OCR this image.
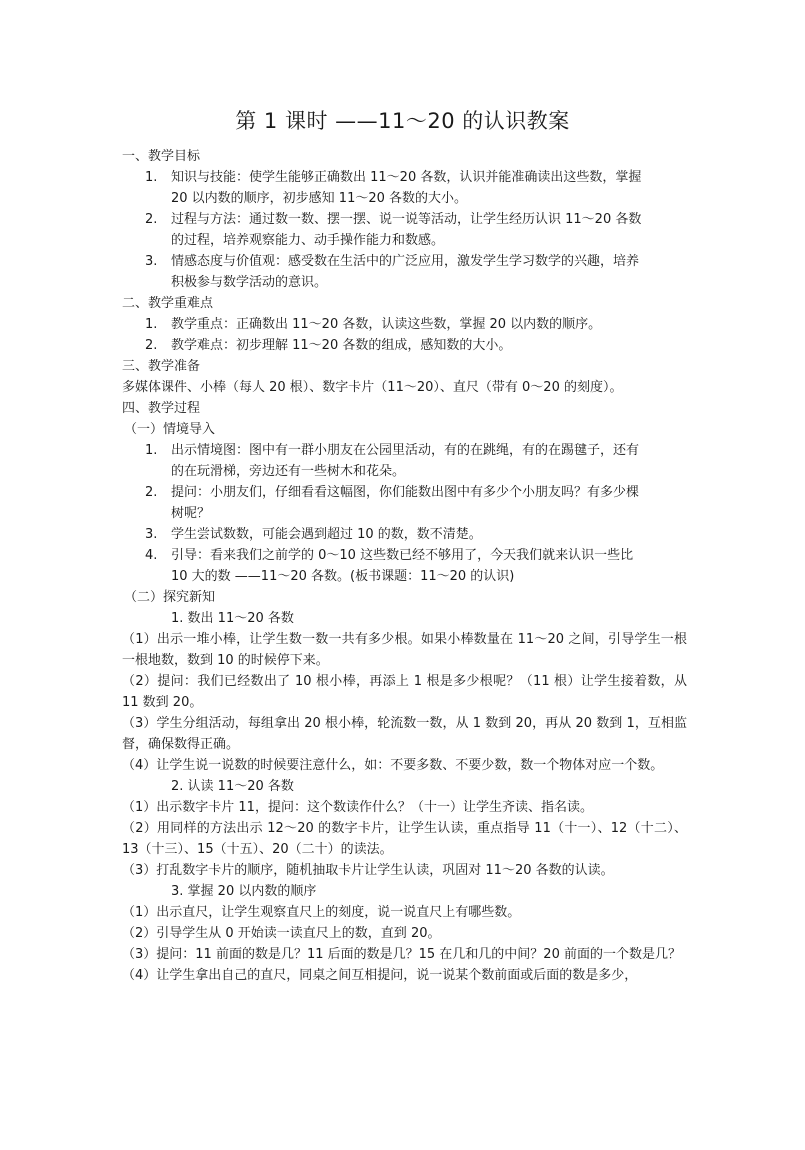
第 1 课时 ——11～20 的认识教案
一、教学目标
1. 知识与技能：使学生能够正确数出 11～20 各数，认识并能准确读出这些数，掌握
20 以内数的顺序，初步感知 11～20 各数的大小。
2. 过程与方法：通过数一数、摆一摆、说一说等活动，让学生经历认识 11～20 各数
的过程，培养观察能力、动手操作能力和数感。
3. 情感态度与价值观：感受数在生活中的广泛应用，激发学生学习数学的兴趣，培养
积极参与数学活动的意识。
二、教学重难点
1. 教学重点：正确数出 11～20 各数，认读这些数，掌握 20 以内数的顺序。
2. 教学难点：初步理解 11～20 各数的组成，感知数的大小。
三、教学准备
多媒体课件、小棒（每人 20 根）、数字卡片（11～20）、直尺（带有 0～20 的刻度）。
四、教学过程
（一）情境导入
1. 出示情境图：图中有一群小朋友在公园里活动，有的在跳绳，有的在踢毽子，还有
的在玩滑梯，旁边还有一些树木和花朵。
2. 提问：小朋友们，仔细看看这幅图，你们能数出图中有多少个小朋友吗？有多少棵
树呢？
3. 学生尝试数数，可能会遇到超过 10 的数，数不清楚。
4. 引导：看来我们之前学的 0～10 这些数已经不够用了，今天我们就来认识一些比
10 大的数 ——11～20 各数。(板书课题：11～20 的认识)
（二）探究新知
1. 数出 11～20 各数
（1）出示一堆小棒，让学生数一数一共有多少根。如果小棒数量在 11～20 之间，引导学生一根一根地数，数到 10 的时候停下来。
（2）提问：我们已经数出了 10 根小棒，再添上 1 根是多少根呢？（11 根）让学生接着数，从 11 数到 20。
（3）学生分组活动，每组拿出 20 根小棒，轮流数一数，从 1 数到 20，再从 20 数到 1，互相监督，确保数得正确。
（4）让学生说一说数的时候要注意什么，如：不要多数、不要少数，数一个物体对应一个数。
2. 认读 11～20 各数
（1）出示数字卡片 11，提问：这个数读作什么？（十一）让学生齐读、指名读。
（2）用同样的方法出示 12～20 的数字卡片，让学生认读，重点指导 11（十一）、12（十二）、13（十三）、15（十五）、20（二十）的读法。
（3）打乱数字卡片的顺序，随机抽取卡片让学生认读，巩固对 11～20 各数的认读。
3. 掌握 20 以内数的顺序
（1）出示直尺，让学生观察直尺上的刻度，说一说直尺上有哪些数。
（2）引导学生从 0 开始读一读直尺上的数，直到 20。
（3）提问：11 前面的数是几？11 后面的数是几？15 在几和几的中间？20 前面的一个数是几？
（4）让学生拿出自己的直尺，同桌之间互相提问，说一说某个数前面或后面的数是多少，
